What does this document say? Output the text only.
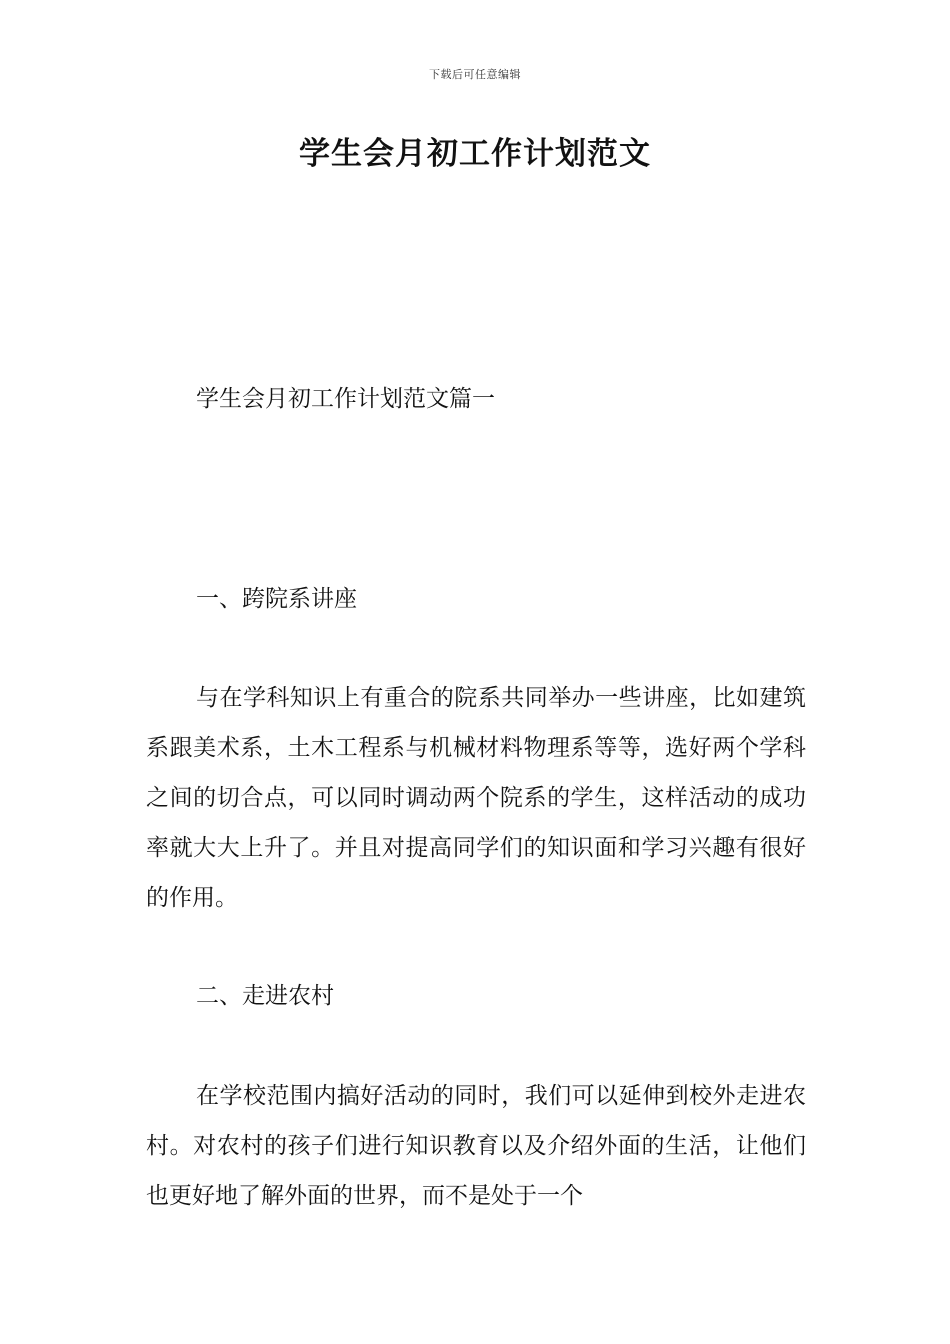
下载后可任意编辑
学生会月初工作计划范文
学生会月初工作计划范文篇一
一、跨院系讲座
与在学科知识上有重合的院系共同举办一些讲座，比如建筑系跟美术系，土木工程系与机械材料物理系等等，选好两个学科之间的切合点，可以同时调动两个院系的学生，这样活动的成功率就大大上升了。并且对提高同学们的知识面和学习兴趣有很好的作用。
二、走进农村
在学校范围内搞好活动的同时，我们可以延伸到校外走进农村。对农村的孩子们进行知识教育以及介绍外面的生活，让他们也更好地了解外面的世界，而不是处于一个
